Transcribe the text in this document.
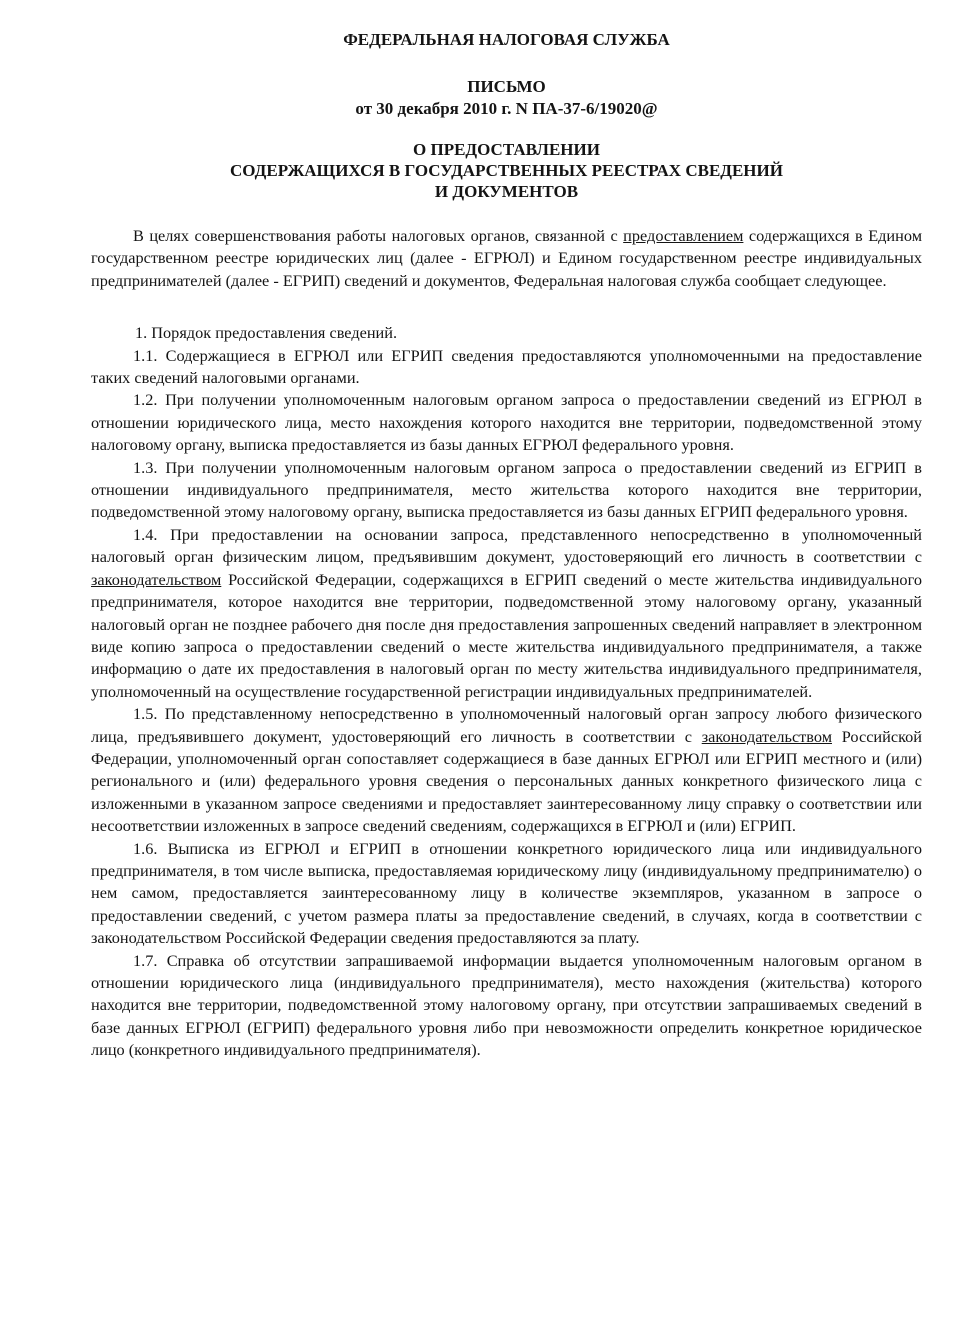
ФЕДЕРАЛЬНАЯ НАЛОГОВАЯ СЛУЖБА
ПИСЬМО
от 30 декабря 2010 г. N ПА-37-6/19020@
О ПРЕДОСТАВЛЕНИИ
СОДЕРЖАЩИХСЯ В ГОСУДАРСТВЕННЫХ РЕЕСТРАХ СВЕДЕНИЙ
И ДОКУМЕНТОВ

В целях совершенствования работы налоговых органов, связанной с предоставлением содержащихся в Едином государственном реестре юридических лиц (далее - ЕГРЮЛ) и Едином государственном реестре индивидуальных предпринимателей (далее - ЕГРИП) сведений и документов, Федеральная налоговая служба сообщает следующее.

1. Порядок предоставления сведений.

1.1. Содержащиеся в ЕГРЮЛ или ЕГРИП сведения предоставляются уполномоченными на предоставление таких сведений налоговыми органами.

1.2. При получении уполномоченным налоговым органом запроса о предоставлении сведений из ЕГРЮЛ в отношении юридического лица, место нахождения которого находится вне территории, подведомственной этому налоговому органу, выписка предоставляется из базы данных ЕГРЮЛ федерального уровня.

1.3. При получении уполномоченным налоговым органом запроса о предоставлении сведений из ЕГРИП в отношении индивидуального предпринимателя, место жительства которого находится вне территории, подведомственной этому налоговому органу, выписка предоставляется из базы данных ЕГРИП федерального уровня.

1.4. При предоставлении на основании запроса, представленного непосредственно в уполномоченный налоговый орган физическим лицом, предъявившим документ, удостоверяющий его личность в соответствии с законодательством Российской Федерации, содержащихся в ЕГРИП сведений о месте жительства индивидуального предпринимателя, которое находится вне территории, подведомственной этому налоговому органу, указанный налоговый орган не позднее рабочего дня после дня предоставления запрошенных сведений направляет в электронном виде копию запроса о предоставлении сведений о месте жительства индивидуального предпринимателя, а также информацию о дате их предоставления в налоговый орган по месту жительства индивидуального предпринимателя, уполномоченный на осуществление государственной регистрации индивидуальных предпринимателей.

1.5. По представленному непосредственно в уполномоченный налоговый орган запросу любого физического лица, предъявившего документ, удостоверяющий его личность в соответствии с законодательством Российской Федерации, уполномоченный орган сопоставляет содержащиеся в базе данных ЕГРЮЛ или ЕГРИП местного и (или) регионального и (или) федерального уровня сведения о персональных данных конкретного физического лица с изложенными в указанном запросе сведениями и предоставляет заинтересованному лицу справку о соответствии или несоответствии изложенных в запросе сведений сведениям, содержащихся в ЕГРЮЛ и (или) ЕГРИП.

1.6. Выписка из ЕГРЮЛ и ЕГРИП в отношении конкретного юридического лица или индивидуального предпринимателя, в том числе выписка, предоставляемая юридическому лицу (индивидуальному предпринимателю) о нем самом, предоставляется заинтересованному лицу в количестве экземпляров, указанном в запросе о предоставлении сведений, с учетом размера платы за предоставление сведений, в случаях, когда в соответствии с законодательством Российской Федерации сведения предоставляются за плату.

1.7. Справка об отсутствии запрашиваемой информации выдается уполномоченным налоговым органом в отношении юридического лица (индивидуального предпринимателя), место нахождения (жительства) которого находится вне территории, подведомственной этому налоговому органу, при отсутствии запрашиваемых сведений в базе данных ЕГРЮЛ (ЕГРИП) федерального уровня либо при невозможности определить конкретное юридическое лицо (конкретного индивидуального предпринимателя).
